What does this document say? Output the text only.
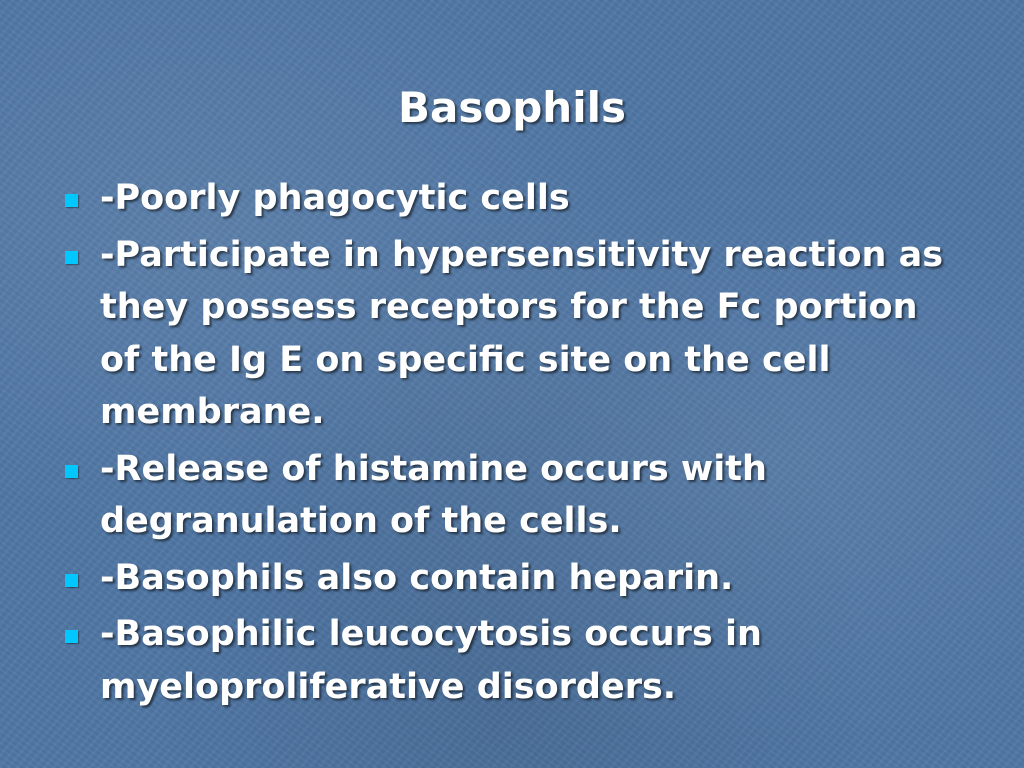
Basophils
-Poorly phagocytic cells
-Participate in hypersensitivity reaction as they possess receptors for the Fc portion of the Ig E on specific site on the cell membrane.
-Release of histamine occurs with degranulation of the cells.
-Basophils also contain heparin.
-Basophilic leucocytosis occurs in myeloproliferative disorders.
